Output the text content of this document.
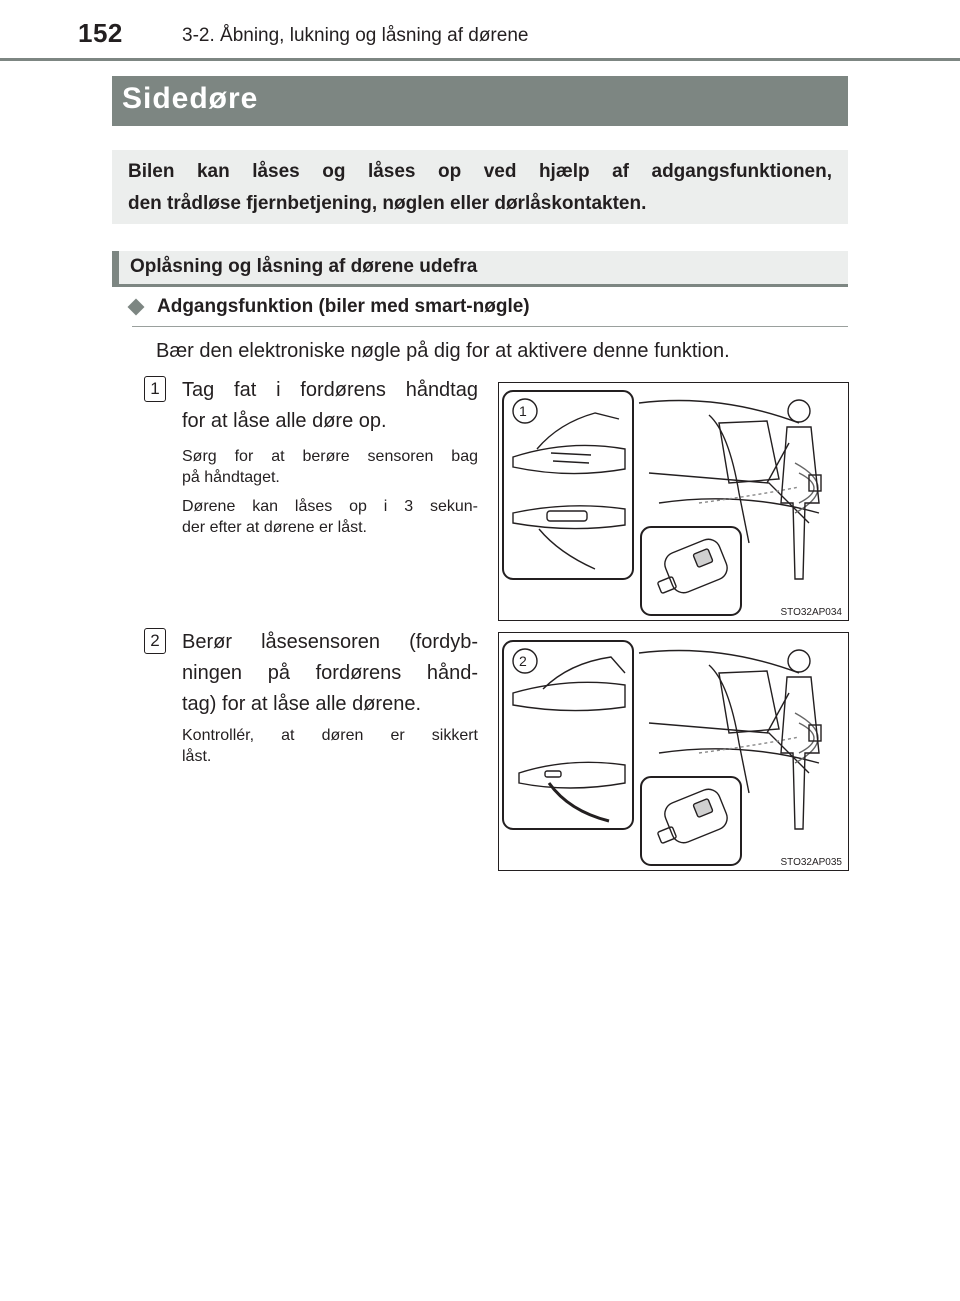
152	3-2. Åbning, lukning og låsning af dørene
Sidedøre
Bilen kan låses og låses op ved hjælp af adgangsfunktionen,
den trådløse fjernbetjening, nøglen eller dørlåskontakten.
Oplåsning og låsning af dørene udefra
Adgangsfunktion (biler med smart-nøgle)
Bær den elektroniske nøgle på dig for at aktivere denne funktion.
1	Tag fat i fordørens håndtag
for at låse alle døre op.
Sørg for at berøre sensoren bag
på håndtaget.
Dørene kan låses op i 3 sekun-
der efter at dørene er låst.
1
STO32AP034
2	Berør låsesensoren (fordyb-
ningen på fordørens hånd-
tag) for at låse alle dørene.
Kontrollér, at døren er sikkert
låst.
2
STO32AP035
